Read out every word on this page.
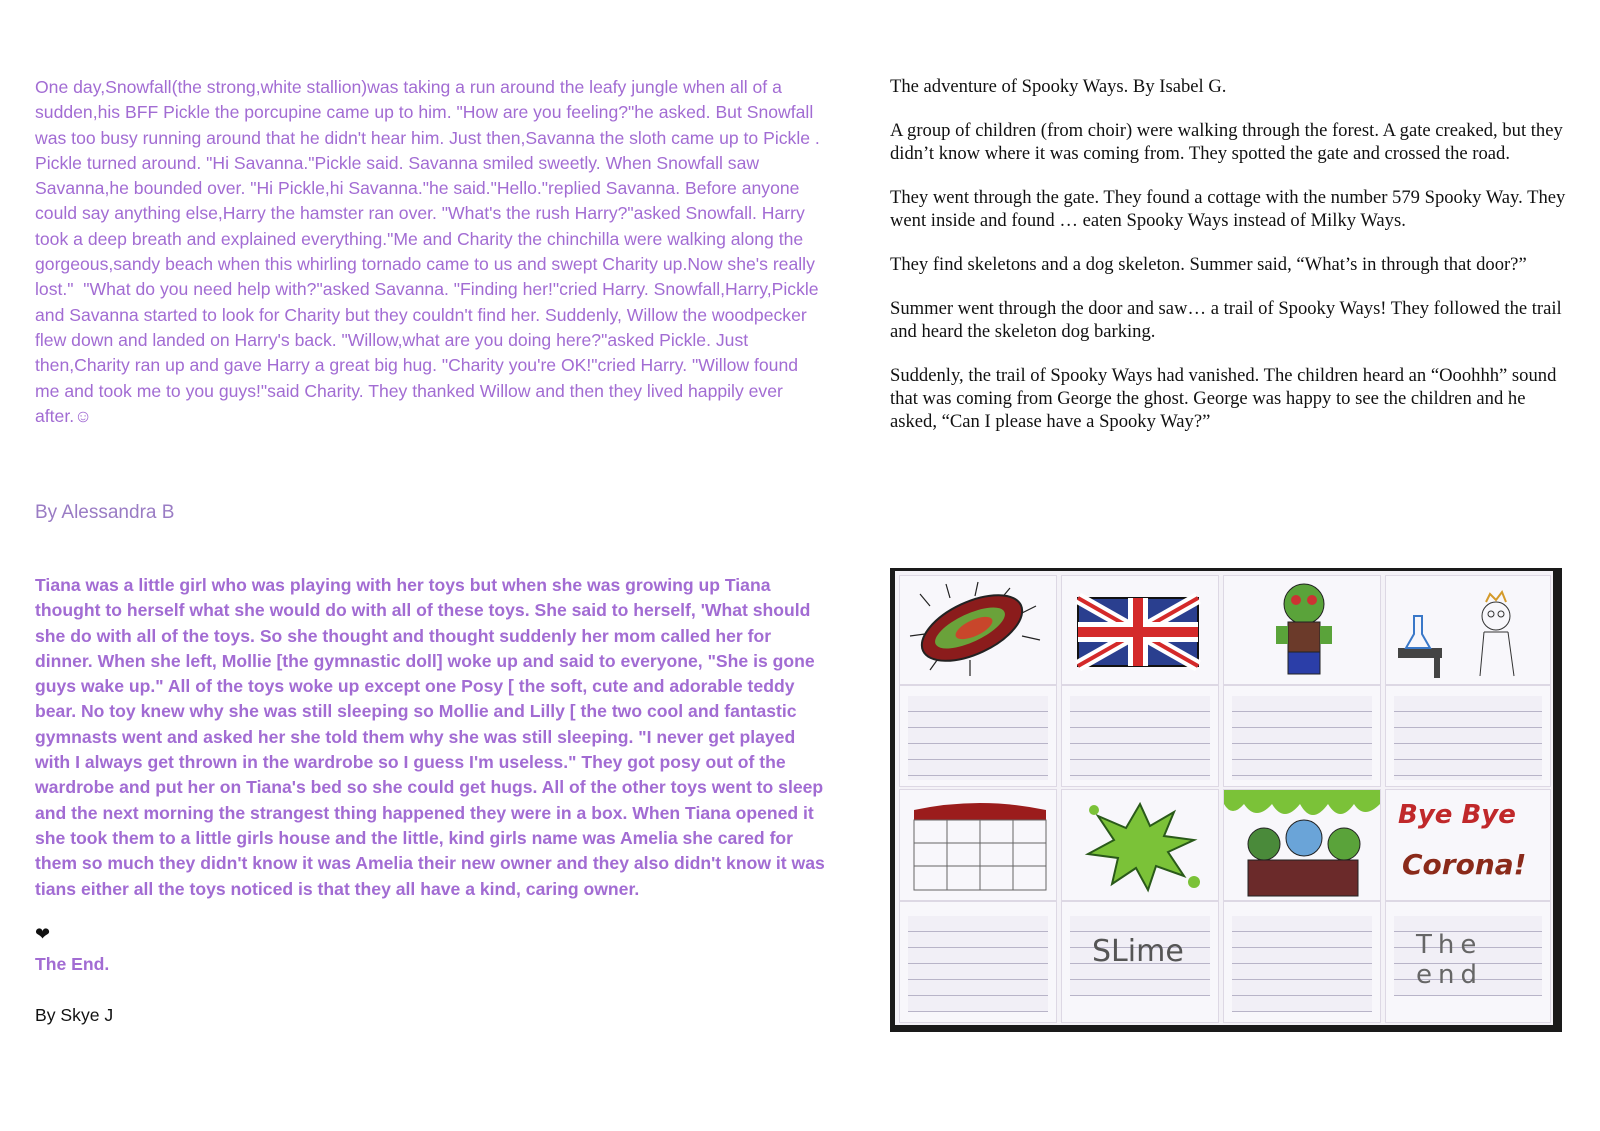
One day,Snowfall(the strong,white stallion)was taking a run around the leafy jungle when all of a sudden,his BFF Pickle the porcupine came up to him. "How are you feeling?"he asked. But Snowfall was too busy running around that he didn't hear him. Just then,Savanna the sloth came up to Pickle . Pickle turned around. "Hi Savanna."Pickle said. Savanna smiled sweetly. When Snowfall saw Savanna,he bounded over. "Hi Pickle,hi Savanna."he said."Hello."replied Savanna. Before anyone could say anything else,Harry the hamster ran over. "What's the rush Harry?"asked Snowfall. Harry took a deep breath and explained everything."Me and Charity the chinchilla were walking along the gorgeous,sandy beach when this whirling tornado came to us and swept Charity up.Now she's really lost."  "What do you need help with?"asked Savanna. "Finding her!"cried Harry. Snowfall,Harry,Pickle and Savanna started to look for Charity but they couldn't find her. Suddenly, Willow the woodpecker flew down and landed on Harry's back. "Willow,what are you doing here?"asked Pickle. Just then,Charity ran up and gave Harry a great big hug. "Charity you're OK!"cried Harry. "Willow found me and took me to you guys!"said Charity. They thanked Willow and then they lived happily ever after.☺

By Alessandra B

Tiana was a little girl who was playing with her toys but when she was growing up Tiana thought to herself what she would do with all of these toys. She said to herself, 'What should she do with all of the toys. So she thought and thought suddenly her mom called her for dinner. When she left, Mollie [the gymnastic doll] woke up and said to everyone, "She is gone guys wake up." All of the toys woke up except one Posy [ the soft, cute and adorable teddy bear. No toy knew why she was still sleeping so Mollie and Lilly [ the two cool and fantastic gymnasts went and asked her she told them why she was still sleeping. "I never get played with I always get thrown in the wardrobe so I guess I'm useless." They got posy out of the wardrobe and put her on Tiana's bed so she could get hugs. All of the other toys went to sleep and the next morning the strangest thing happened they were in a box. When Tiana opened it she took them to a little girls house and the little, kind girls name was Amelia she cared for them so much they didn't know it was Amelia their new owner and they also didn't know it was tians either all the toys noticed is that they all have a kind, caring owner.

❤

The End.

By Skye J

The adventure of Spooky Ways. By Isabel G.

A group of children (from choir) were walking through the forest. A gate creaked, but they didn’t know where it was coming from. They spotted the gate and crossed the road.

They went through the gate. They found a cottage with the number 579 Spooky Way. They went inside and found … eaten Spooky Ways instead of Milky Ways.

They find skeletons and a dog skeleton. Summer said, “What’s in through that door?”

Summer went through the door and saw… a trail of Spooky Ways! They followed the trail and heard the skeleton dog barking.

Suddenly, the trail of Spooky Ways had vanished. The children heard an “Ooohhh” sound that was coming from George the ghost. George was happy to see the children and he asked, “Can I please have a Spooky Way?”

Bye Bye
Corona!
SLime	The end
